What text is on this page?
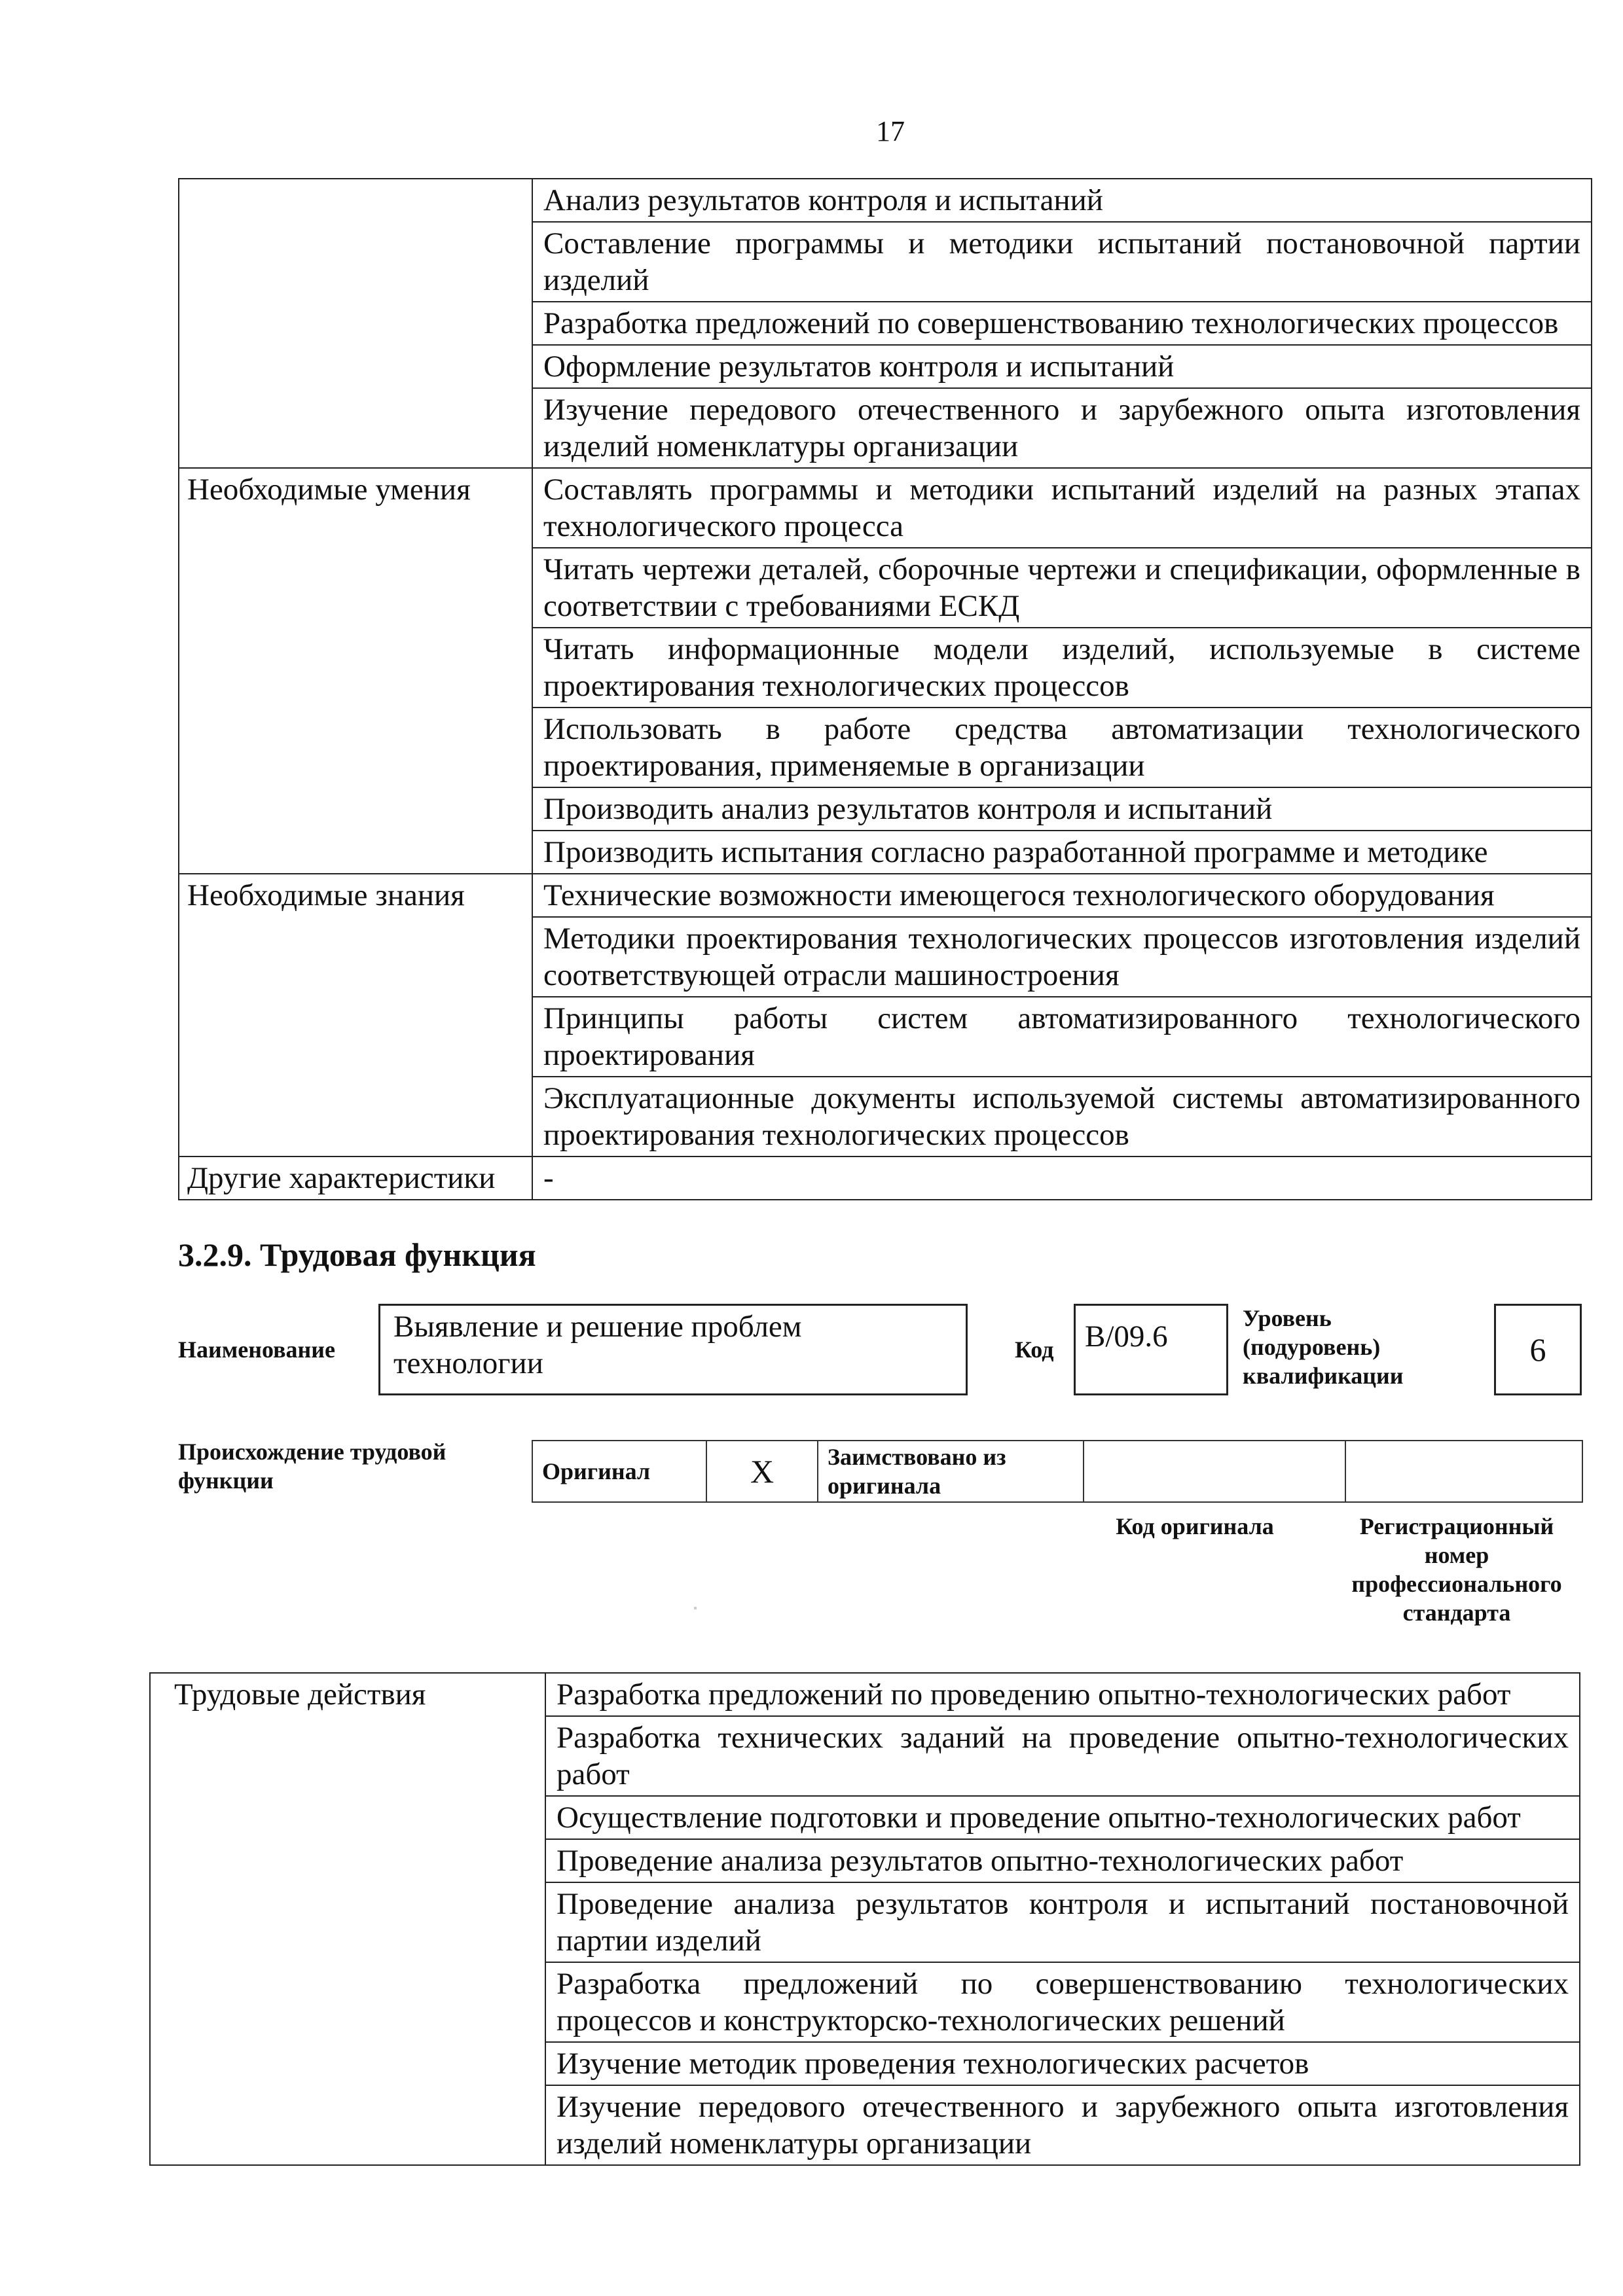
17
	Анализ результатов контроля и испытаний
	Составление программы и методики испытаний постановочной партии изделий
	Разработка предложений по совершенствованию технологических процессов
	Оформление результатов контроля и испытаний
	Изучение передового отечественного и зарубежного опыта изготовления изделий номенклатуры организации
Необходимые умения	Составлять программы и методики испытаний изделий на разных этапах технологического процесса
	Читать чертежи деталей, сборочные чертежи и спецификации, оформленные в соответствии с требованиями ЕСКД
	Читать информационные модели изделий, используемые в системе проектирования технологических процессов
	Использовать в работе средства автоматизации технологического проектирования, применяемые в организации
	Производить анализ результатов контроля и испытаний
	Производить испытания согласно разработанной программе и методике
Необходимые знания	Технические возможности имеющегося технологического оборудования
	Методики проектирования технологических процессов изготовления изделий соответствующей отрасли машиностроения
	Принципы работы систем автоматизированного технологического проектирования
	Эксплуатационные документы используемой системы автоматизированного проектирования технологических процессов
Другие характеристики	-
3.2.9. Трудовая функция
Наименование
Выявление и решение проблем технологии	Код	B/09.6
Уровень
(подуровень)
квалификации
6
Происхождение трудовой функции	Оригинал	X	Заимствовано из оригинала		
Код оригинала	Регистрационный номер профессионального стандарта
Трудовые действия	Разработка предложений по проведению опытно-технологических работ
Разработка технических заданий на проведение опытно-технологических работ
Осуществление подготовки и проведение опытно-технологических работ
Проведение анализа результатов опытно-технологических работ
Проведение анализа результатов контроля и испытаний постановочной партии изделий
Разработка предложений по совершенствованию технологических процессов и конструкторско-технологических решений
Изучение методик проведения технологических расчетов
Изучение передового отечественного и зарубежного опыта изготовления изделий номенклатуры организации
